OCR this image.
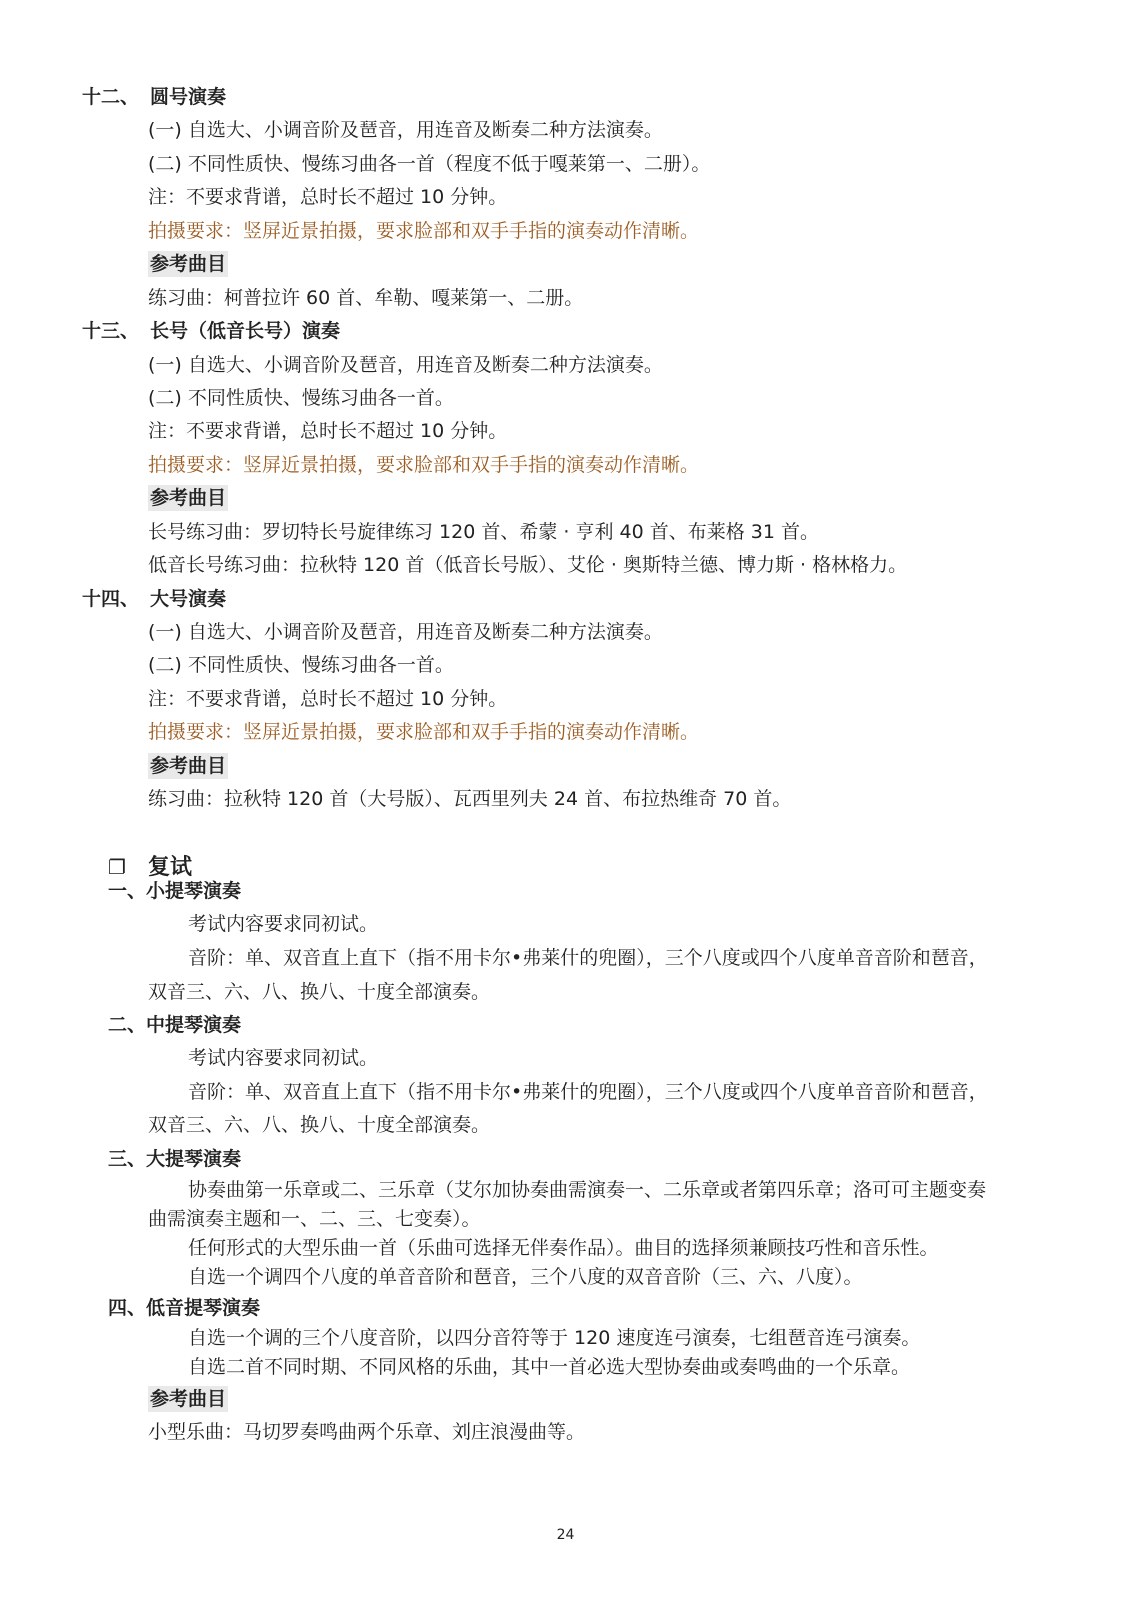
十二、 圆号演奏
(一) 自选大、小调音阶及琶音，用连音及断奏二种方法演奏。
(二) 不同性质快、慢练习曲各一首（程度不低于嘎莱第一、二册）。
注：不要求背谱，总时长不超过 10 分钟。
拍摄要求：竖屏近景拍摄，要求脸部和双手手指的演奏动作清晰。
参考曲目
练习曲：柯普拉许 60 首、牟勒、嘎莱第一、二册。
十三、 长号（低音长号）演奏
(一) 自选大、小调音阶及琶音，用连音及断奏二种方法演奏。
(二) 不同性质快、慢练习曲各一首。
注：不要求背谱，总时长不超过 10 分钟。
拍摄要求：竖屏近景拍摄，要求脸部和双手手指的演奏动作清晰。
参考曲目
长号练习曲：罗切特长号旋律练习 120 首、希蒙 · 亨利 40 首、布莱格 31 首。
低音长号练习曲：拉秋特 120 首（低音长号版）、艾伦 · 奥斯特兰德、博力斯 · 格林格力。
十四、 大号演奏
(一) 自选大、小调音阶及琶音，用连音及断奏二种方法演奏。
(二) 不同性质快、慢练习曲各一首。
注：不要求背谱，总时长不超过 10 分钟。
拍摄要求：竖屏近景拍摄，要求脸部和双手手指的演奏动作清晰。
参考曲目
练习曲：拉秋特 120 首（大号版）、瓦西里列夫 24 首、布拉热维奇 70 首。
❐ 复试
一、小提琴演奏
考试内容要求同初试。
音阶：单、双音直上直下（指不用卡尔•弗莱什的兜圈），三个八度或四个八度单音音阶和琶音，
双音三、六、八、换八、十度全部演奏。
二、中提琴演奏
考试内容要求同初试。
音阶：单、双音直上直下（指不用卡尔•弗莱什的兜圈），三个八度或四个八度单音音阶和琶音，
双音三、六、八、换八、十度全部演奏。
三、大提琴演奏
协奏曲第一乐章或二、三乐章（艾尔加协奏曲需演奏一、二乐章或者第四乐章；洛可可主题变奏
曲需演奏主题和一、二、三、七变奏）。
任何形式的大型乐曲一首（乐曲可选择无伴奏作品）。曲目的选择须兼顾技巧性和音乐性。
自选一个调四个八度的单音音阶和琶音，三个八度的双音音阶（三、六、八度）。
四、低音提琴演奏
自选一个调的三个八度音阶，以四分音符等于 120 速度连弓演奏，七组琶音连弓演奏。
自选二首不同时期、不同风格的乐曲，其中一首必选大型协奏曲或奏鸣曲的一个乐章。
参考曲目
小型乐曲：马切罗奏鸣曲两个乐章、刘庄浪漫曲等。
24
